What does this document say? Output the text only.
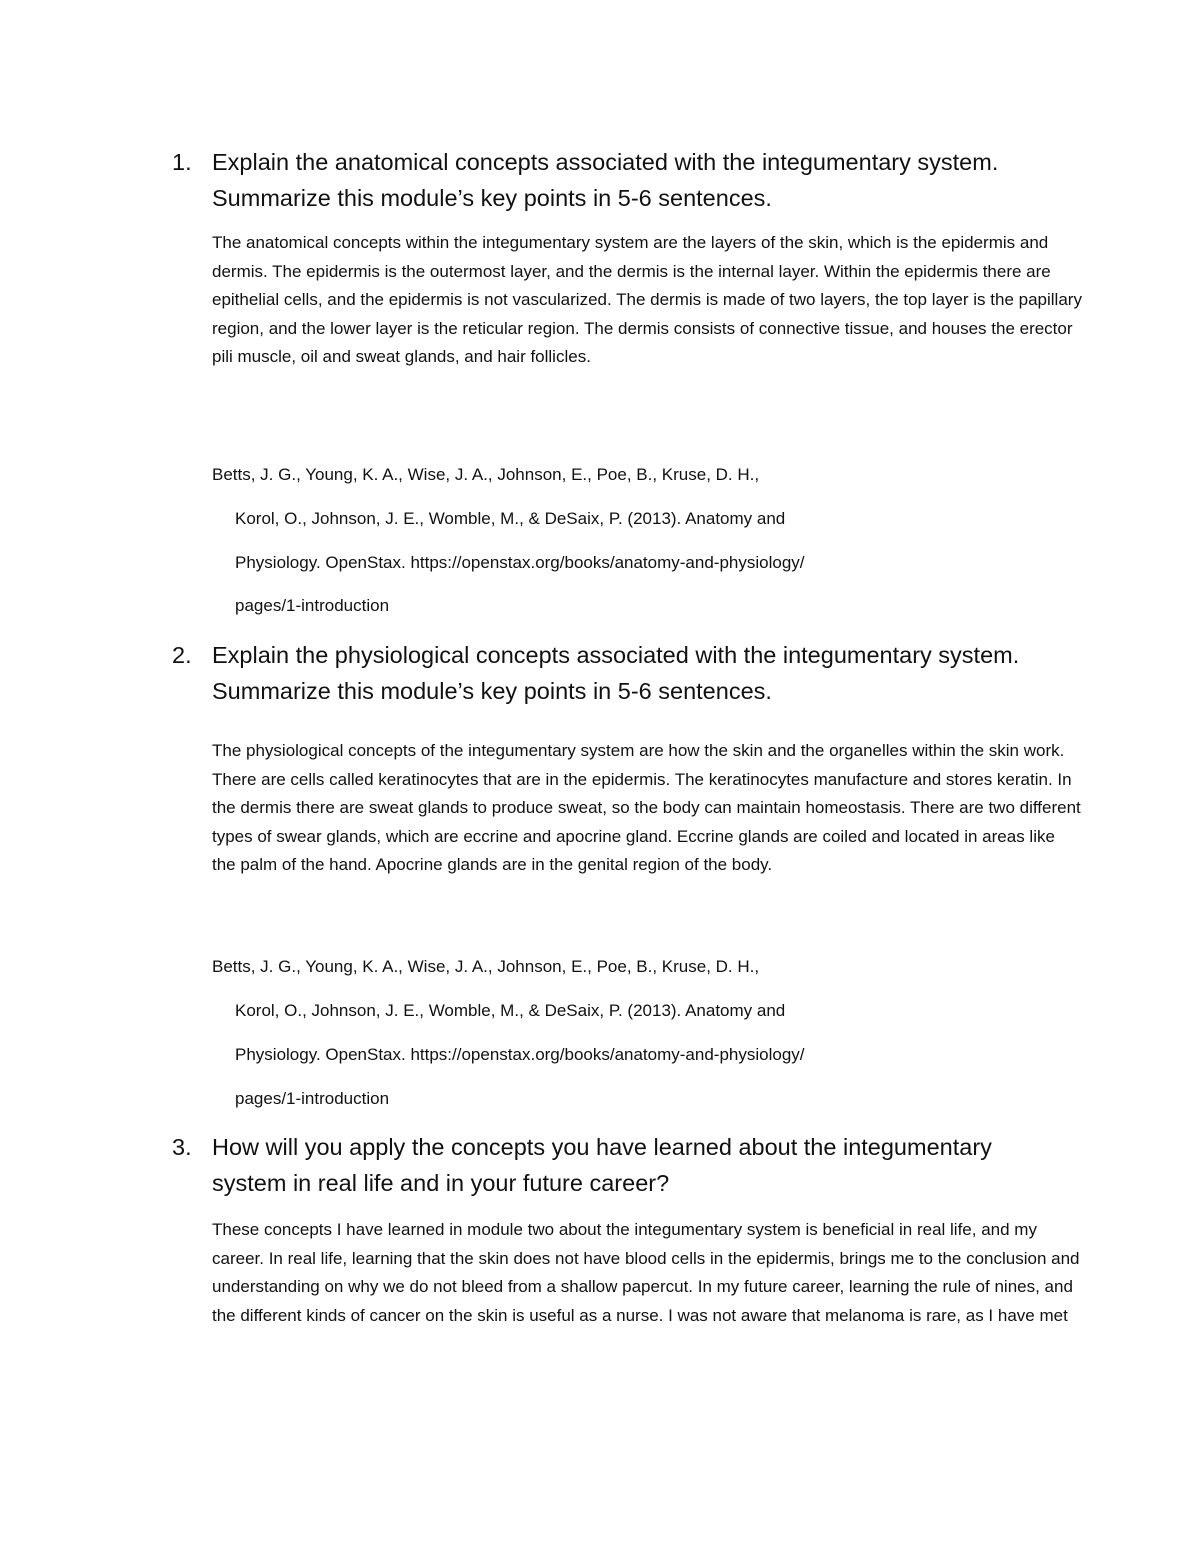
1. Explain the anatomical concepts associated with the integumentary system. Summarize this module’s key points in 5-6 sentences.

The anatomical concepts within the integumentary system are the layers of the skin, which is the epidermis and dermis. The epidermis is the outermost layer, and the dermis is the internal layer. Within the epidermis there are epithelial cells, and the epidermis is not vascularized. The dermis is made of two layers, the top layer is the papillary region, and the lower layer is the reticular region. The dermis consists of connective tissue, and houses the erector pili muscle, oil and sweat glands, and hair follicles.

Betts, J. G., Young, K. A., Wise, J. A., Johnson, E., Poe, B., Kruse, D. H.,

Korol, O., Johnson, J. E., Womble, M., & DeSaix, P. (2013). Anatomy and

Physiology. OpenStax. https://openstax.org/books/anatomy-and-physiology/

pages/1-introduction

2. Explain the physiological concepts associated with the integumentary system. Summarize this module’s key points in 5-6 sentences.

The physiological concepts of the integumentary system are how the skin and the organelles within the skin work. There are cells called keratinocytes that are in the epidermis. The keratinocytes manufacture and stores keratin. In the dermis there are sweat glands to produce sweat, so the body can maintain homeostasis. There are two different types of swear glands, which are eccrine and apocrine gland. Eccrine glands are coiled and located in areas like the palm of the hand. Apocrine glands are in the genital region of the body.

Betts, J. G., Young, K. A., Wise, J. A., Johnson, E., Poe, B., Kruse, D. H.,

Korol, O., Johnson, J. E., Womble, M., & DeSaix, P. (2013). Anatomy and

Physiology. OpenStax. https://openstax.org/books/anatomy-and-physiology/

pages/1-introduction

3. How will you apply the concepts you have learned about the integumentary system in real life and in your future career?

These concepts I have learned in module two about the integumentary system is beneficial in real life, and my career. In real life, learning that the skin does not have blood cells in the epidermis, brings me to the conclusion and understanding on why we do not bleed from a shallow papercut. In my future career, learning the rule of nines, and the different kinds of cancer on the skin is useful as a nurse. I was not aware that melanoma is rare, as I have met
